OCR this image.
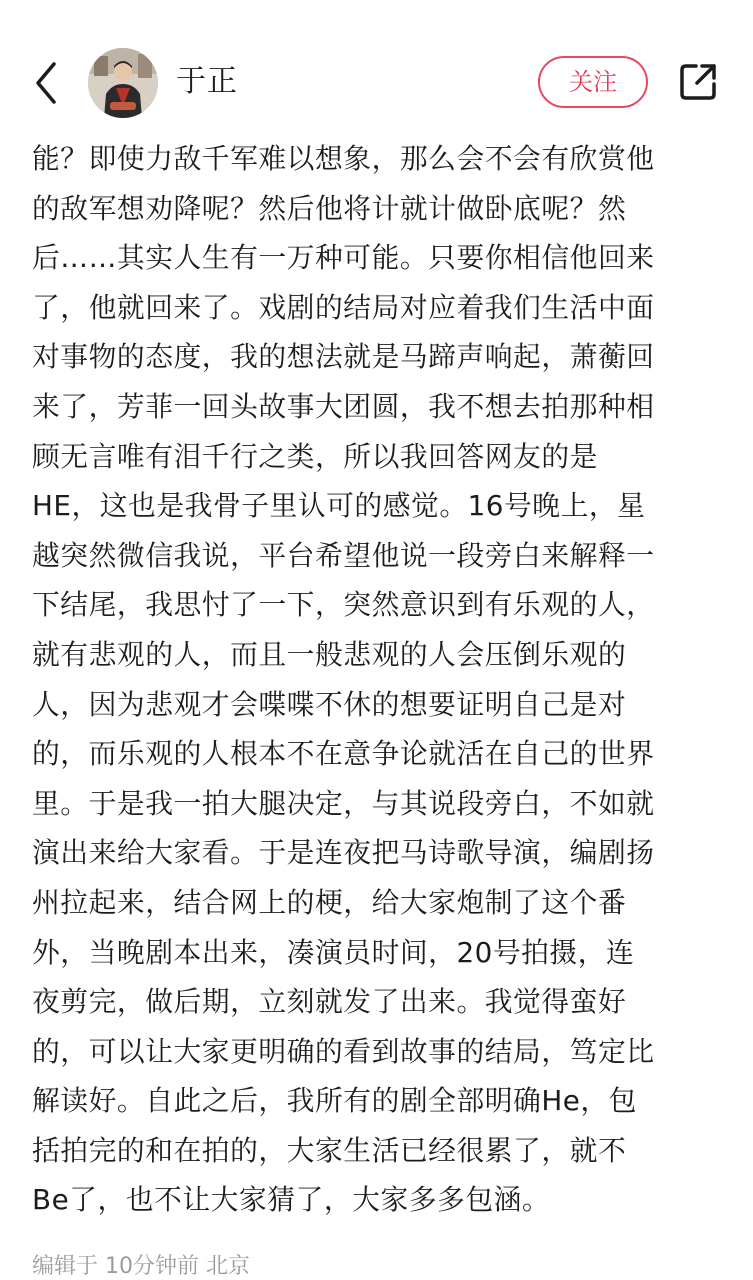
于正	关注
能？即使力敌千军难以想象，那么会不会有欣赏他
的敌军想劝降呢？然后他将计就计做卧底呢？然
后……其实人生有一万种可能。只要你相信他回来
了，他就回来了。戏剧的结局对应着我们生活中面
对事物的态度，我的想法就是马蹄声响起，萧蘅回
来了，芳菲一回头故事大团圆，我不想去拍那种相
顾无言唯有泪千行之类，所以我回答网友的是
HE，这也是我骨子里认可的感觉。16号晚上，星
越突然微信我说，平台希望他说一段旁白来解释一
下结尾，我思忖了一下，突然意识到有乐观的人，
就有悲观的人，而且一般悲观的人会压倒乐观的
人，因为悲观才会喋喋不休的想要证明自己是对
的，而乐观的人根本不在意争论就活在自己的世界
里。于是我一拍大腿决定，与其说段旁白，不如就
演出来给大家看。于是连夜把马诗歌导演，编剧扬
州拉起来，结合网上的梗，给大家炮制了这个番
外，当晚剧本出来，凑演员时间，20号拍摄，连
夜剪完，做后期，立刻就发了出来。我觉得蛮好
的，可以让大家更明确的看到故事的结局，笃定比
解读好。自此之后，我所有的剧全部明确He，包
括拍完的和在拍的，大家生活已经很累了，就不
Be了，也不让大家猜了，大家多多包涵。
编辑于 10分钟前 北京
